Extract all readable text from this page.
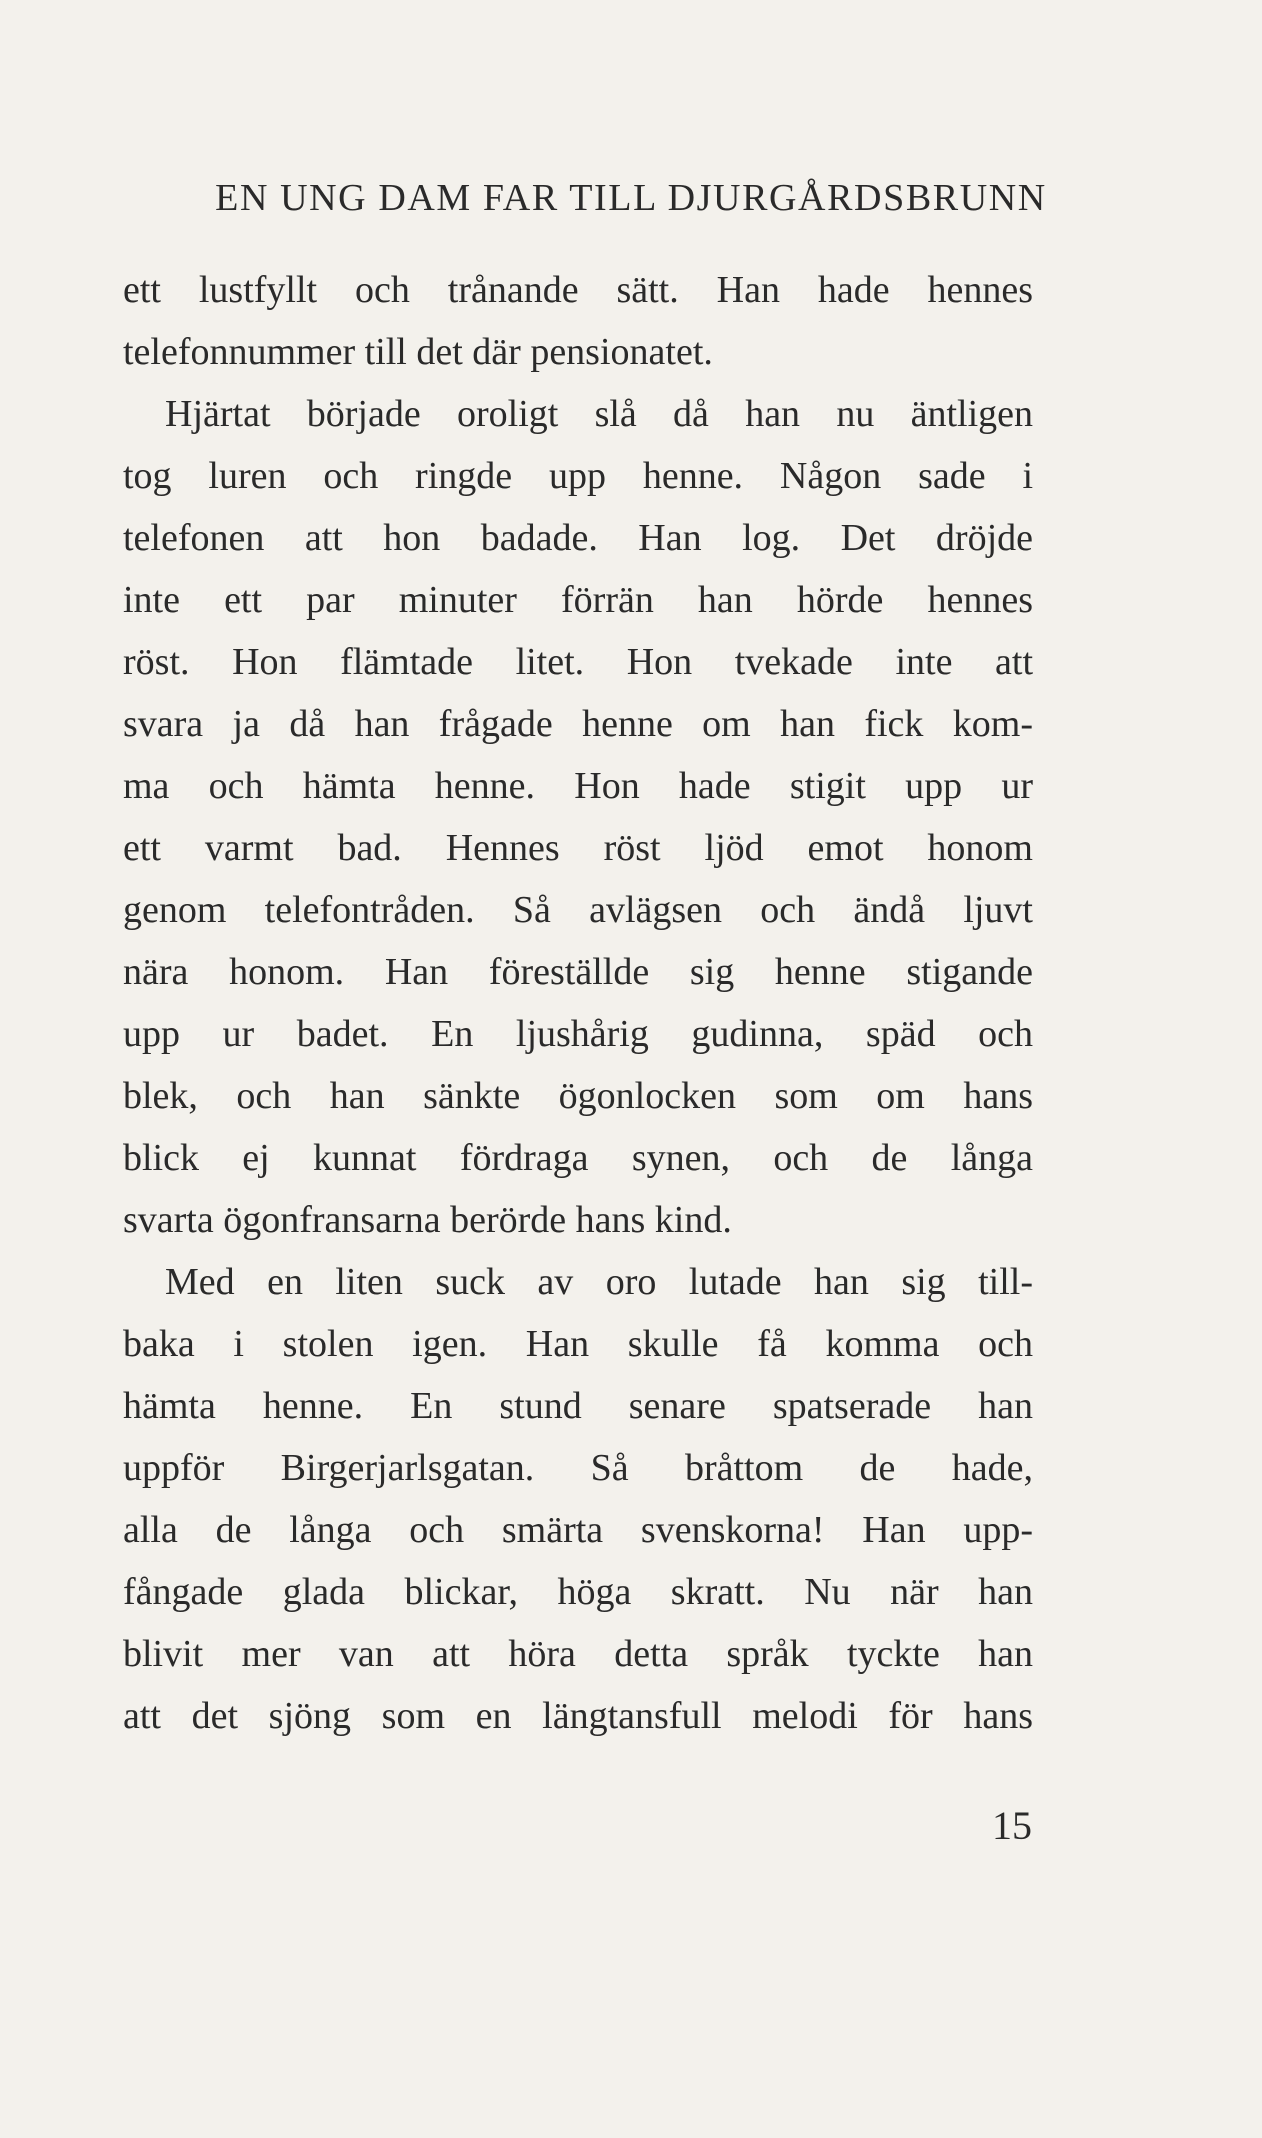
EN UNG DAM FAR TILL DJURGÅRDSBRUNN
ett lustfyllt och trånande sätt. Han hade hennes
telefonnummer till det där pensionatet.
Hjärtat började oroligt slå då han nu äntligen
tog luren och ringde upp henne. Någon sade i
telefonen att hon badade. Han log. Det dröjde
inte ett par minuter förrän han hörde hennes
röst. Hon flämtade litet. Hon tvekade inte att
svara ja då han frågade henne om han fick kom-
ma och hämta henne. Hon hade stigit upp ur
ett varmt bad. Hennes röst ljöd emot honom
genom telefontråden. Så avlägsen och ändå ljuvt
nära honom. Han föreställde sig henne stigande
upp ur badet. En ljushårig gudinna, späd och
blek, och han sänkte ögonlocken som om hans
blick ej kunnat fördraga synen, och de långa
svarta ögonfransarna berörde hans kind.
Med en liten suck av oro lutade han sig till-
baka i stolen igen. Han skulle få komma och
hämta henne. En stund senare spatserade han
uppför Birgerjarlsgatan. Så bråttom de hade,
alla de långa och smärta svenskorna! Han upp-
fångade glada blickar, höga skratt. Nu när han
blivit mer van att höra detta språk tyckte han
att det sjöng som en längtansfull melodi för hans
15
